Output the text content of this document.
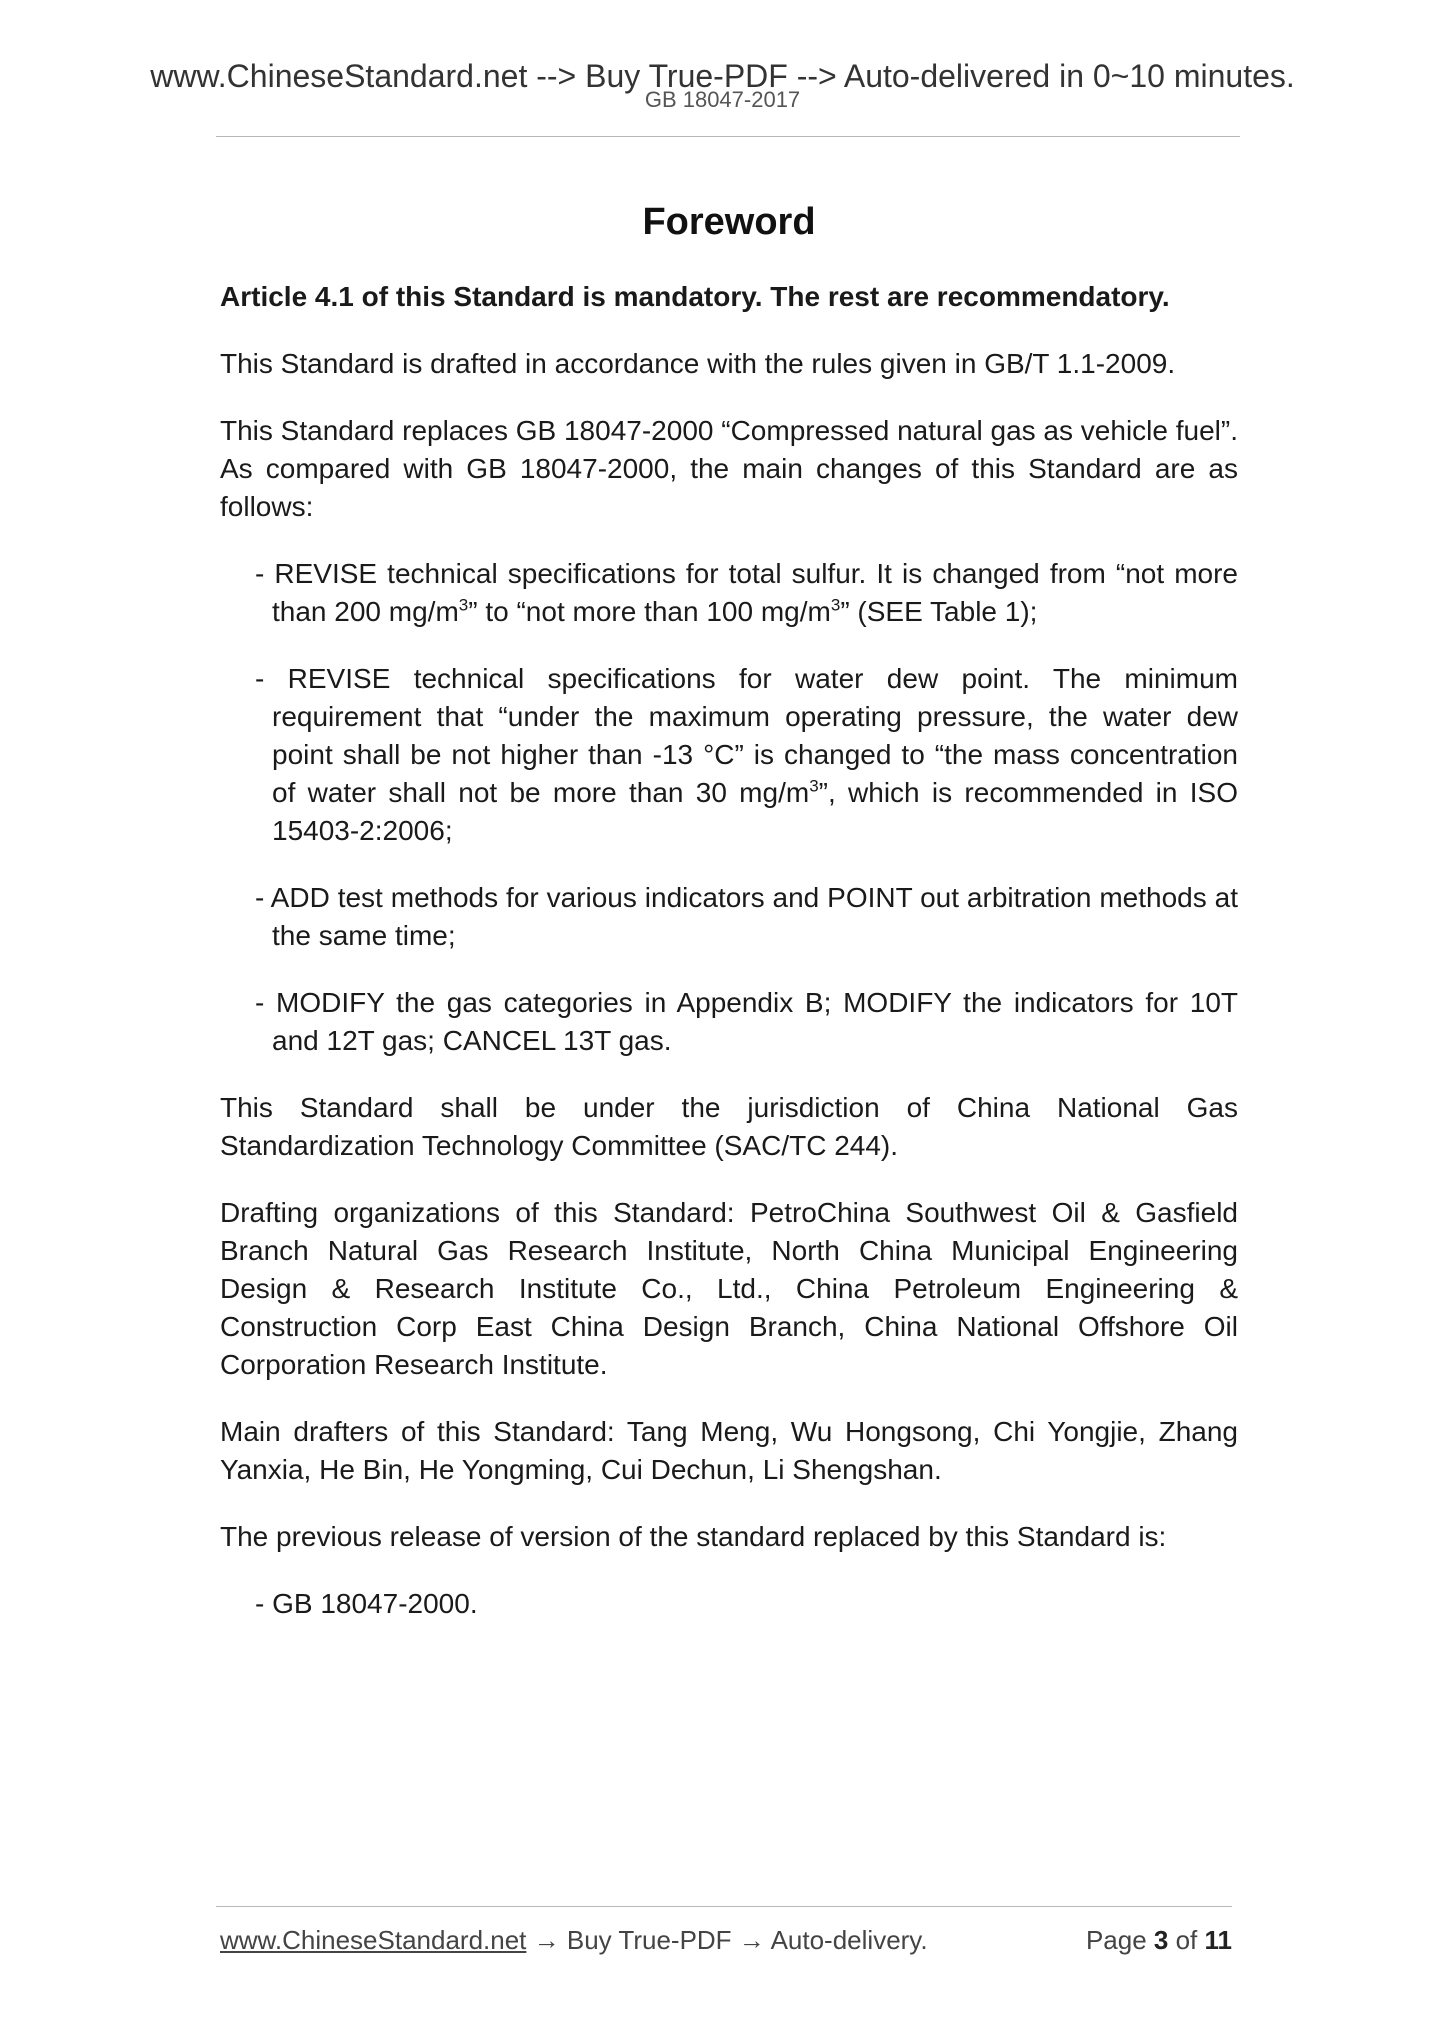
www.ChineseStandard.net --> Buy True-PDF --> Auto-delivered in 0~10 minutes.
GB 18047-2017
Foreword

Article 4.1 of this Standard is mandatory. The rest are recommendatory.

This Standard is drafted in accordance with the rules given in GB/T 1.1-2009.

This Standard replaces GB 18047-2000 “Compressed natural gas as vehicle fuel”. As compared with GB 18047-2000, the main changes of this Standard are as follows:

- REVISE technical specifications for total sulfur. It is changed from “not more than 200 $mg/m^3$” to “not more than 100 $mg/m^3$” (SEE Table 1);
- REVISE technical specifications for water dew point. The minimum requirement that “under the maximum operating pressure, the water dew point shall be not higher than -13 °C” is changed to “the mass concentration of water shall not be more than 30 $mg/m^3$”, which is recommended in ISO 15403-2:2006;
- ADD test methods for various indicators and POINT out arbitration methods at the same time;
- MODIFY the gas categories in Appendix B; MODIFY the indicators for 10T and 12T gas; CANCEL 13T gas.

This Standard shall be under the jurisdiction of China National Gas Standardization Technology Committee (SAC/TC 244).

Drafting organizations of this Standard: PetroChina Southwest Oil & Gasfield Branch Natural Gas Research Institute, North China Municipal Engineering Design & Research Institute Co., Ltd., China Petroleum Engineering & Construction Corp East China Design Branch, China National Offshore Oil Corporation Research Institute.

Main drafters of this Standard: Tang Meng, Wu Hongsong, Chi Yongjie, Zhang Yanxia, He Bin, He Yongming, Cui Dechun, Li Shengshan.

The previous release of version of the standard replaced by this Standard is:

- GB 18047-2000.
www.ChineseStandard.net → Buy True-PDF → Auto-delivery.	Page 3 of 11
